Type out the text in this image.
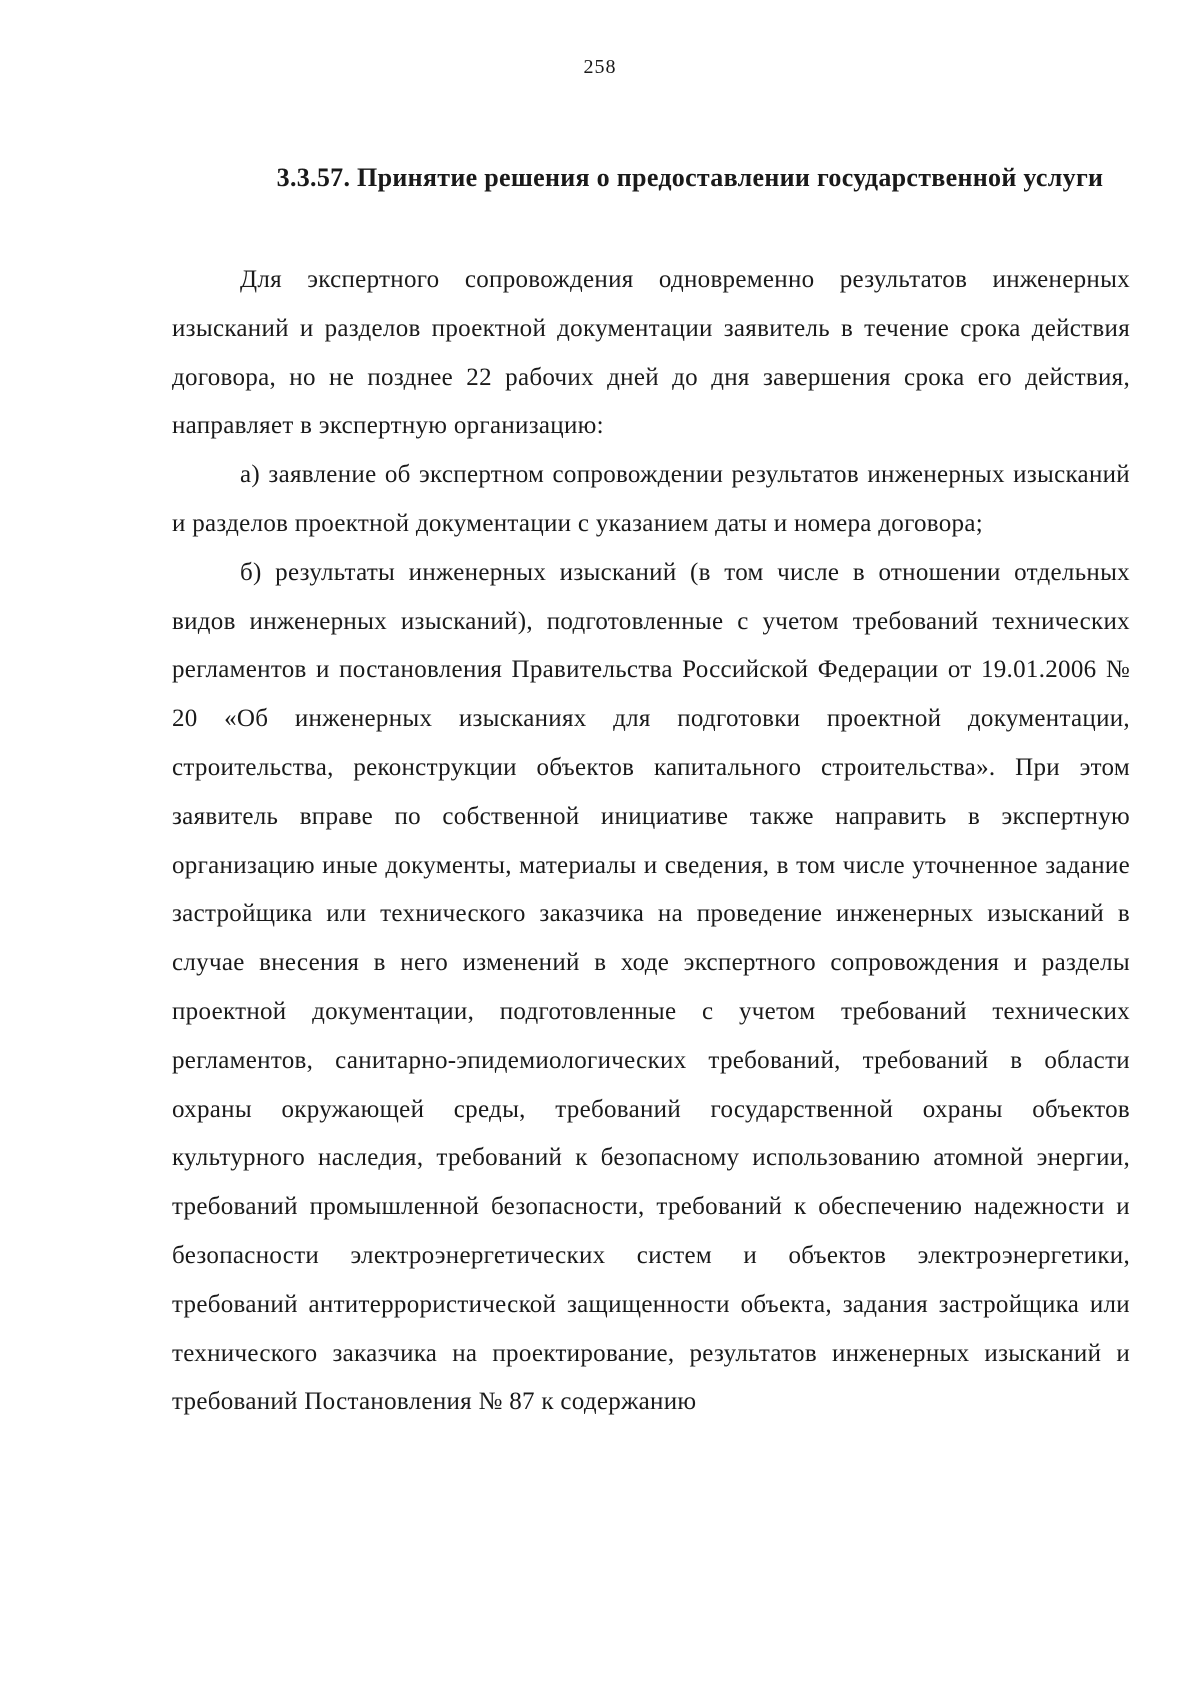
258
3.3.57. Принятие решения о предоставлении государственной услуги

Для экспертного сопровождения одновременно результатов инженерных изысканий и разделов проектной документации заявитель в течение срока действия договора, но не позднее 22 рабочих дней до дня завершения срока его действия, направляет в экспертную организацию:

а) заявление об экспертном сопровождении результатов инженерных изысканий и разделов проектной документации с указанием даты и номера договора;

б) результаты инженерных изысканий (в том числе в отношении отдельных видов инженерных изысканий), подготовленные с учетом требований технических регламентов и постановления Правительства Российской Федерации от 19.01.2006 № 20 «Об инженерных изысканиях для подготовки проектной документации, строительства, реконструкции объектов капитального строительства». При этом заявитель вправе по собственной инициативе также направить в экспертную организацию иные документы, материалы и сведения, в том числе уточненное задание застройщика или технического заказчика на проведение инженерных изысканий в случае внесения в него изменений в ходе экспертного сопровождения и разделы проектной документации, подготовленные с учетом требований технических регламентов, санитарно-эпидемиологических требований, требований в области охраны окружающей среды, требований государственной охраны объектов культурного наследия, требований к безопасному использованию атомной энергии, требований промышленной безопасности, требований к обеспечению надежности и безопасности электроэнергетических систем и объектов электроэнергетики, требований антитеррористической защищенности объекта, задания застройщика или технического заказчика на проектирование, результатов инженерных изысканий и требований Постановления № 87 к содержанию
